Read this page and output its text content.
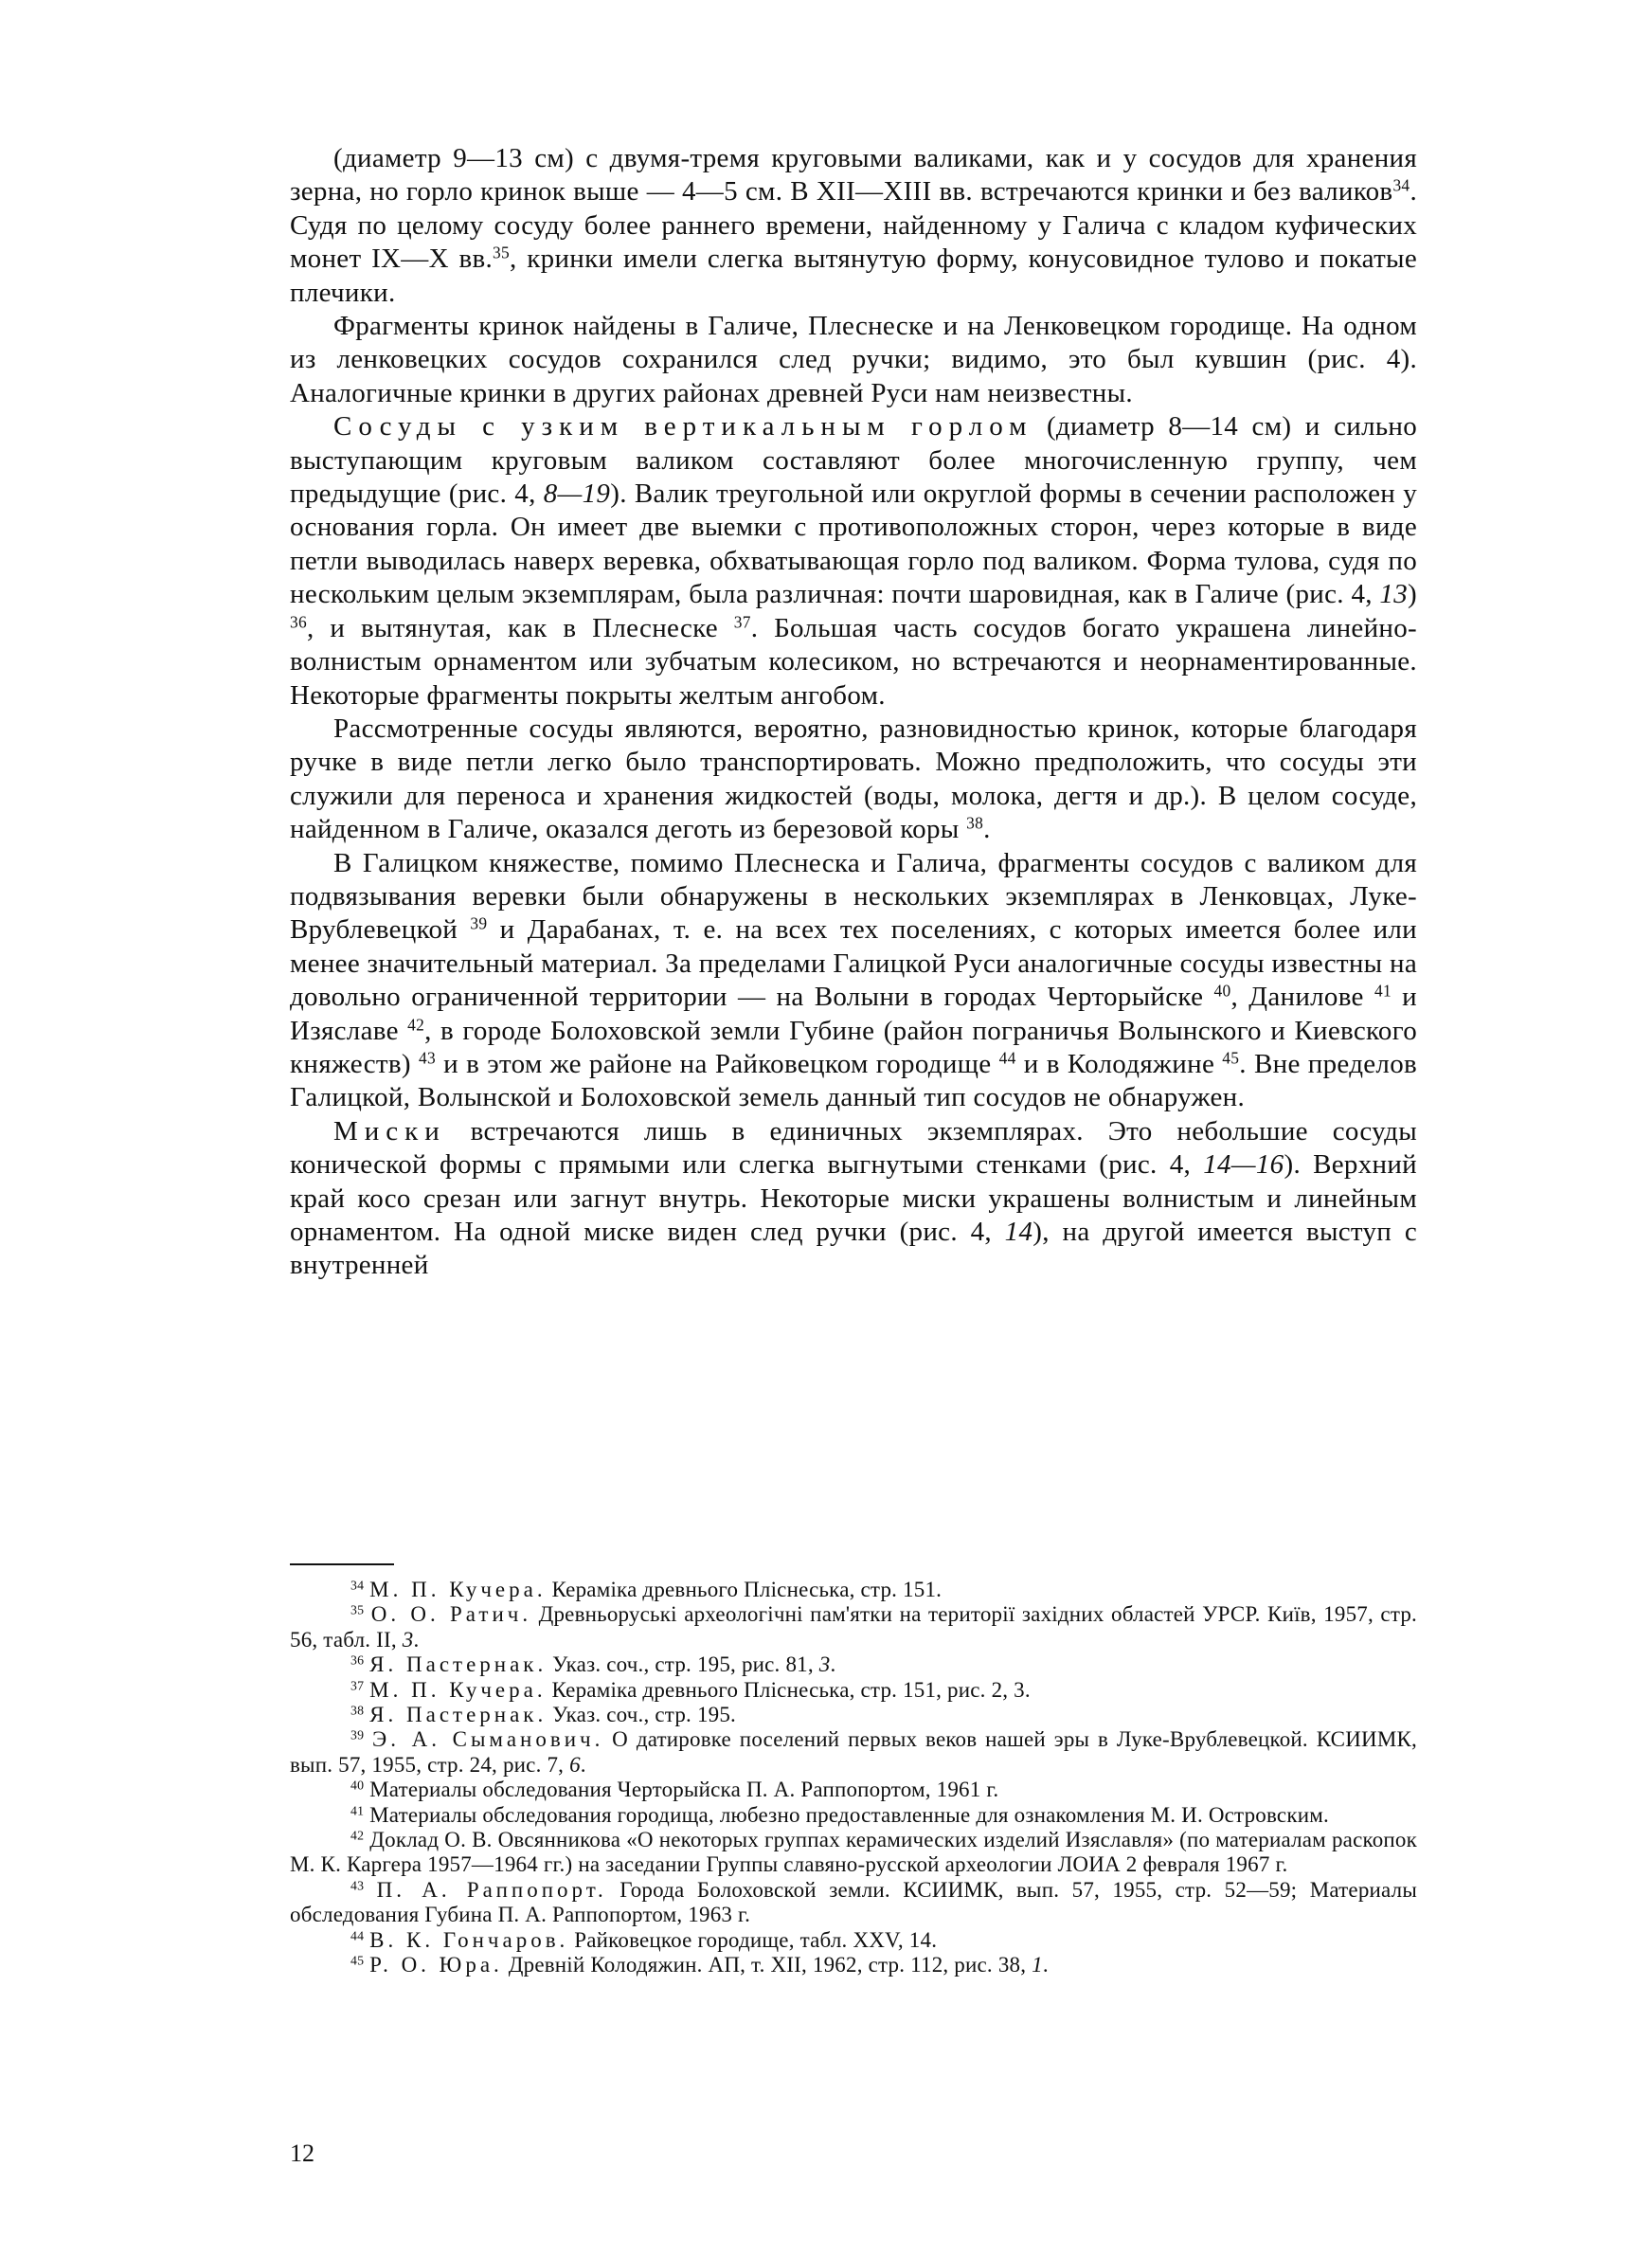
(диаметр 9—13 см) с двумя-тремя круговыми валиками, как и у сосудов для хранения зерна, но горло кринок выше — 4—5 см. В XII—XIII вв. встречаются кринки и без валиков$^{34}$. Судя по целому сосуду более раннего времени, найденному у Галича с кладом куфических монет IX—X вв.$^{35}$, кринки имели слегка вытянутую форму, конусовидное тулово и покатые плечики.

Фрагменты кринок найдены в Галиче, Плеснеске и на Ленковецком городище. На одном из ленковецких сосудов сохранился след ручки; видимо, это был кувшин (рис. 4). Аналогичные кринки в других районах древней Руси нам неизвестны.

Сосуды с узким вертикальным горлом (диаметр 8—14 см) и сильно выступающим круговым валиком составляют более многочисленную группу, чем предыдущие (рис. 4, 8—19). Валик треугольной или округлой формы в сечении расположен у основания горла. Он имеет две выемки с противоположных сторон, через которые в виде петли выводилась наверх веревка, обхватывающая горло под валиком. Форма тулова, судя по нескольким целым экземплярам, была различная: почти шаровидная, как в Галиче (рис. 4, 13) $^{36}$, и вытянутая, как в Плеснеске $^{37}$. Большая часть сосудов богато украшена линейно-волнистым орнаментом или зубчатым колесиком, но встречаются и неорнаментированные. Некоторые фрагменты покрыты желтым ангобом.

Рассмотренные сосуды являются, вероятно, разновидностью кринок, которые благодаря ручке в виде петли легко было транспортировать. Можно предположить, что сосуды эти служили для переноса и хранения жидкостей (воды, молока, дегтя и др.). В целом сосуде, найденном в Галиче, оказался деготь из березовой коры $^{38}$.

В Галицком княжестве, помимо Плеснеска и Галича, фрагменты сосудов с валиком для подвязывания веревки были обнаружены в нескольких экземплярах в Ленковцах, Луке-Врублевецкой $^{39}$ и Дарабанах, т. е. на всех тех поселениях, с которых имеется более или менее значительный материал. За пределами Галицкой Руси аналогичные сосуды известны на довольно ограниченной территории — на Волыни в городах Черторыйске $^{40}$, Данилове $^{41}$ и Изяславе $^{42}$, в городе Болоховской земли Губине (район пограничья Волынского и Киевского княжеств) $^{43}$ и в этом же районе на Райковецком городище $^{44}$ и в Колодяжине $^{45}$. Вне пределов Галицкой, Волынской и Болоховской земель данный тип сосудов не обнаружен.

Миски встречаются лишь в единичных экземплярах. Это небольшие сосуды конической формы с прямыми или слегка выгнутыми стенками (рис. 4, 14—16). Верхний край косо срезан или загнут внутрь. Некоторые миски украшены волнистым и линейным орнаментом. На одной миске виден след ручки (рис. 4, 14), на другой имеется выступ с внутренней

$^{34}$ М. П. Кучера. Кераміка древнього Пліснеська, стр. 151.

$^{35}$ О. О. Ратич. Древньоруські археологічні пам'ятки на території західних областей УРСР. Київ, 1957, стр. 56, табл. II, 3.

$^{36}$ Я. Пастернак. Указ. соч., стр. 195, рис. 81, 3.

$^{37}$ М. П. Кучера. Кераміка древнього Пліснеська, стр. 151, рис. 2, 3.

$^{38}$ Я. Пастернак. Указ. соч., стр. 195.

$^{39}$ Э. А. Сыманович. О датировке поселений первых веков нашей эры в Луке-Врублевецкой. КСИИМК, вып. 57, 1955, стр. 24, рис. 7, 6.

$^{40}$ Материалы обследования Черторыйска П. А. Раппопортом, 1961 г.

$^{41}$ Материалы обследования городища, любезно предоставленные для ознакомления М. И. Островским.

$^{42}$ Доклад О. В. Овсянникова «О некоторых группах керамических изделий Изяславля» (по материалам раскопок М. К. Каргера 1957—1964 гг.) на заседании Группы славяно-русской археологии ЛОИА 2 февраля 1967 г.

$^{43}$ П. А. Раппопорт. Города Болоховской земли. КСИИМК, вып. 57, 1955, стр. 52—59; Материалы обследования Губина П. А. Раппопортом, 1963 г.

$^{44}$ В. К. Гончаров. Райковецкое городище, табл. XXV, 14.

$^{45}$ Р. О. Юра. Древній Колодяжин. АП, т. XII, 1962, стр. 112, рис. 38, 1.

12
